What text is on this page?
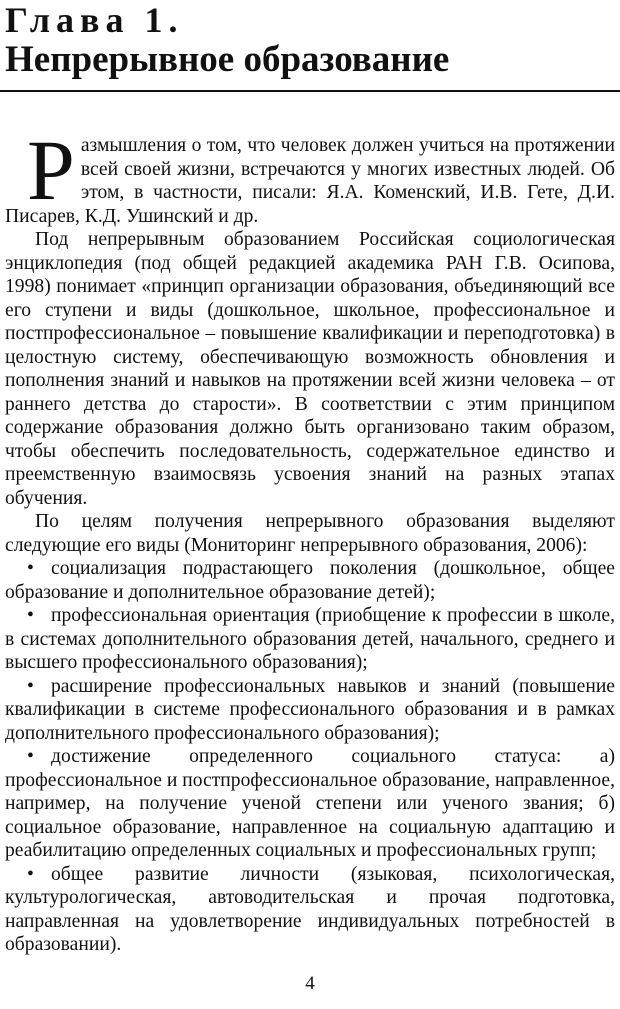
Глава 1.
Непрерывное образование

Размышления о том, что человек должен учиться на протяжении всей своей жизни, встречаются у многих известных людей. Об этом, в частности, писали: Я.А. Коменский, И.В. Гете, Д.И. Писарев, К.Д. Ушинский и др.

Под непрерывным образованием Российская социологическая энциклопедия (под общей редакцией академика РАН Г.В. Осипова, 1998) понимает «принцип организации образования, объединяющий все его ступени и виды (дошкольное, школьное, профессиональное и постпрофессиональное – повышение квалификации и переподготовка) в целостную систему, обеспечивающую возможность обновления и пополнения знаний и навыков на протяжении всей жизни человека – от раннего детства до старости». В соответствии с этим принципом содержание образования должно быть организовано таким образом, чтобы обеспечить последовательность, содержательное единство и преемственную взаимосвязь усвоения знаний на разных этапах обучения.

По целям получения непрерывного образования выделяют следующие его виды (Мониторинг непрерывного образования, 2006):

• социализация подрастающего поколения (дошкольное, общее образование и дополнительное образование детей);
• профессиональная ориентация (приобщение к профессии в школе, в системах дополнительного образования детей, начального, среднего и высшего профессионального образования);
• расширение профессиональных навыков и знаний (повышение квалификации в системе профессионального образования и в рамках дополнительного профессионального образования);
• достижение определенного социального статуса: а) профессиональное и постпрофессиональное образование, направленное, например, на получение ученой степени или ученого звания; б) социальное образование, направленное на социальную адаптацию и реабилитацию определенных социальных и профессиональных групп;
• общее развитие личности (языковая, психологическая, культурологическая, автоводительская и прочая подготовка, направленная на удовлетворение индивидуальных потребностей в образовании).
4
